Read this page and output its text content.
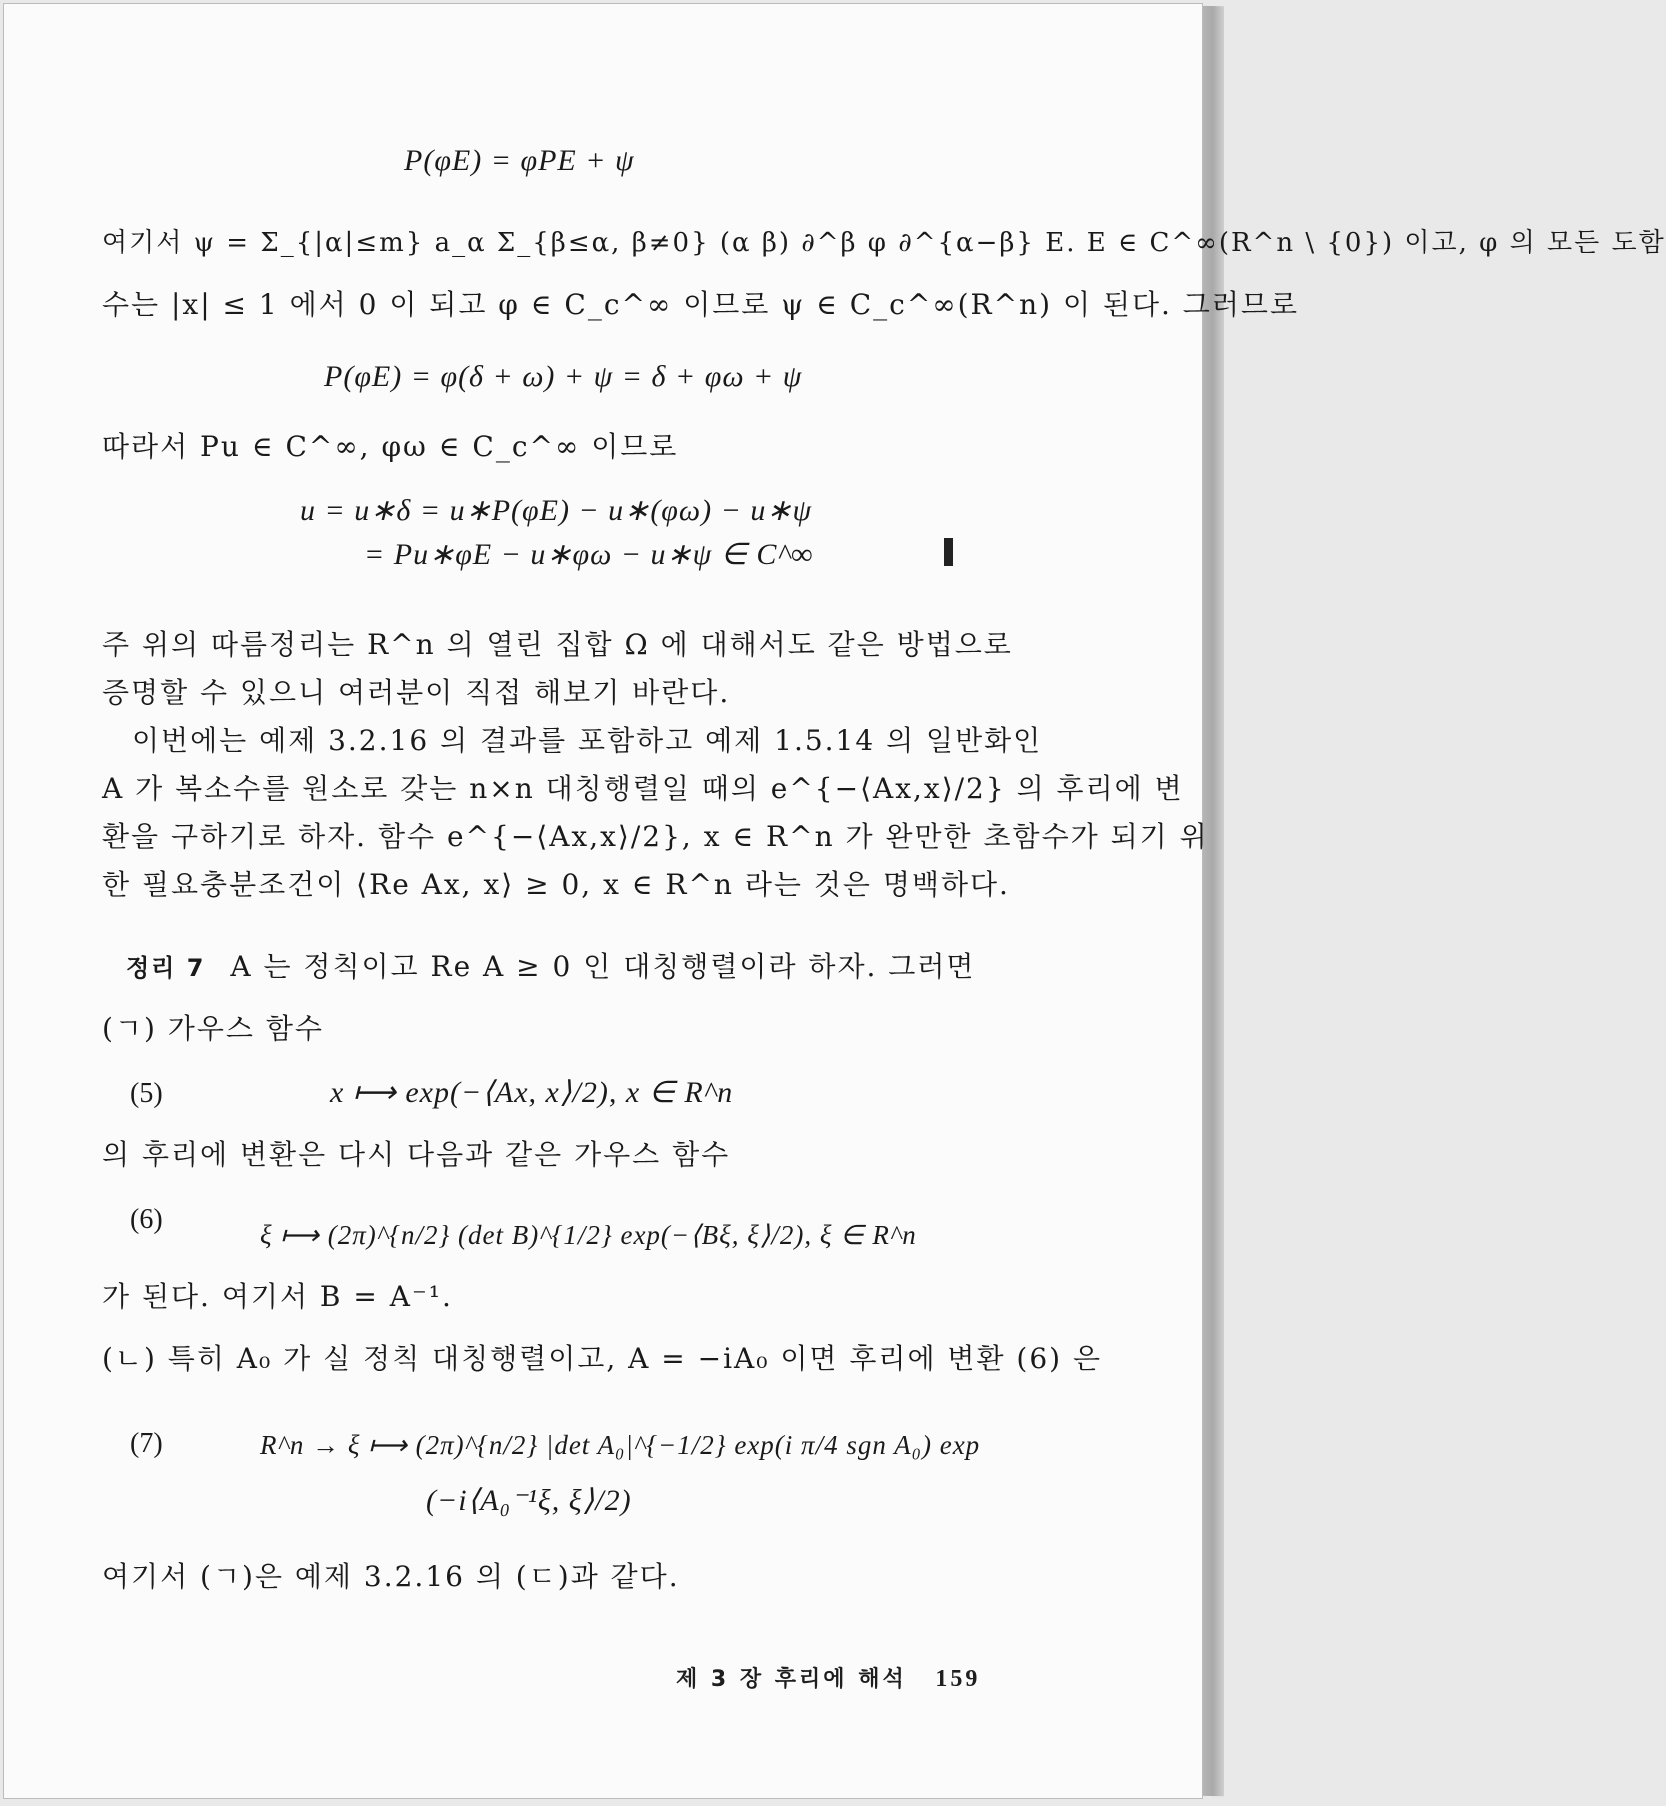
P(φE) = φPE + ψ
여기서 ψ = Σ_{|α|≤m} a_α Σ_{β≤α, β≠0} (α β) ∂^β φ ∂^{α−β} E. E ∈ C^∞(R^n \ {0}) 이고, φ 의 모든 도함
수는 |x| ≤ 1 에서 0 이 되고 φ ∈ C_c^∞ 이므로 ψ ∈ C_c^∞(R^n) 이 된다. 그러므로
P(φE) = φ(δ + ω) + ψ = δ + φω + ψ
따라서 Pu ∈ C^∞, φω ∈ C_c^∞ 이므로
u = u∗δ = u∗P(φE) − u∗(φω) − u∗ψ
= Pu∗φE − u∗φω − u∗ψ ∈ C^∞
주 위의 따름정리는 R^n 의 열린 집합 Ω 에 대해서도 같은 방법으로
증명할 수 있으니 여러분이 직접 해보기 바란다.
이번에는 예제 3.2.16 의 결과를 포함하고 예제 1.5.14 의 일반화인
A 가 복소수를 원소로 갖는 n×n 대칭행렬일 때의 e^{−⟨Ax,x⟩/2} 의 후리에 변
환을 구하기로 하자. 함수 e^{−⟨Ax,x⟩/2}, x ∈ R^n 가 완만한 초함수가 되기 위
한 필요충분조건이 ⟨Re Ax, x⟩ ≥ 0, x ∈ R^n 라는 것은 명백하다.
정리 7 A 는 정칙이고 Re A ≥ 0 인 대칭행렬이라 하자. 그러면
(ㄱ) 가우스 함수
(5)	x ⟼ exp(−⟨Ax, x⟩/2), x ∈ R^n
의 후리에 변환은 다시 다음과 같은 가우스 함수
(6)	ξ ⟼ (2π)^{n/2} (det B)^{1/2} exp(−⟨Bξ, ξ⟩/2), ξ ∈ R^n
가 된다. 여기서 B = A⁻¹.
(ㄴ) 특히 A₀ 가 실 정칙 대칭행렬이고, A = −iA₀ 이면 후리에 변환 (6) 은
(7)	R^n → ξ ⟼ (2π)^{n/2} |det A₀|^{−1/2} exp(i π/4 sgn A₀) exp
(−i⟨A₀⁻¹ξ, ξ⟩/2)
여기서 (ㄱ)은 예제 3.2.16 의 (ㄷ)과 같다.
제 3 장 후리에 해석 159
